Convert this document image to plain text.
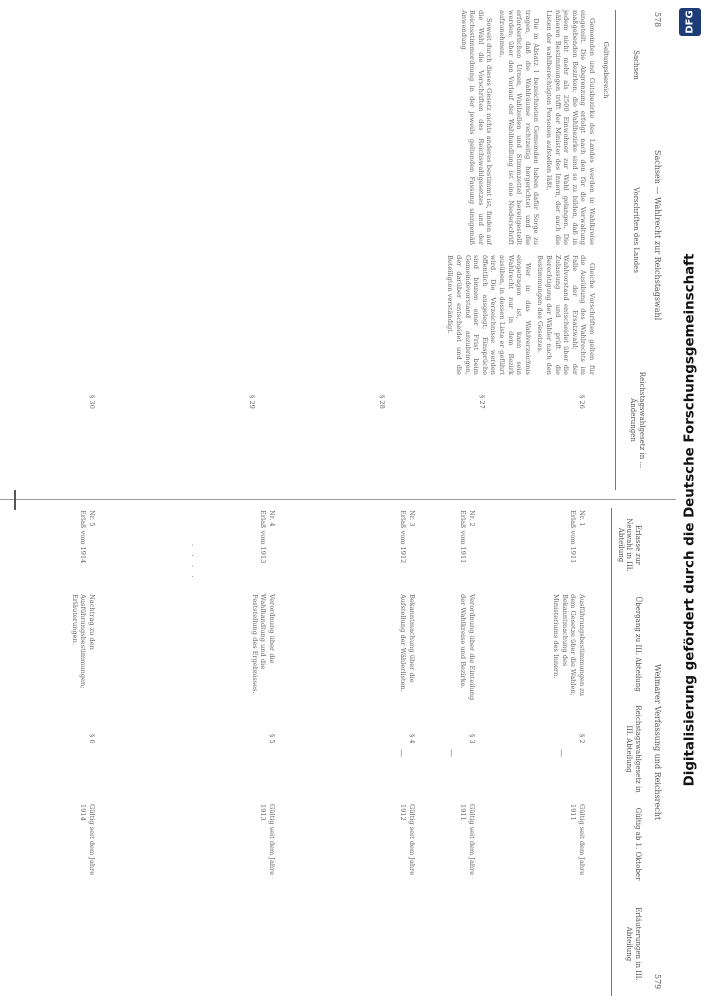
DFG
Digitalisierung gefördert durch die Deutsche Forschungsgemeinschaft
578
Sachsen — Wahlrecht zur Reichstagswahl
Sachsen
Vorschriften des Landes
Reichstagswahlgesetz in ... Änderungen
Geltungsbereich

Gemeinden und Gutsbezirke des Landes werden in Wahlkreise eingeteilt. Die Abgrenzung erfolgt nach den für die Verwaltung maßgebenden Bezirken; die Wahlbezirke sind so zu bilden, daß in jedem nicht mehr als 2500 Einwohner zur Wahl gelangen. Die näheren Bestimmungen trifft der Minister des Innern, der auch die Listen der wahlberechtigten Personen aufstellen läßt.

Die in Absatz 1 bezeichneten Gemeinden haben dafür Sorge zu tragen, daß die Wahlräume rechtzeitig hergerichtet und die erforderlichen Urnen, Wahlzellen und Stimmzettel bereitgestellt werden; über den Verlauf der Wahlhandlung ist eine Niederschrift aufzunehmen.

Soweit durch dieses Gesetz nichts anderes bestimmt ist, finden auf die Wahl die Vorschriften des Reichswahlgesetzes und der Reichsstimmordnung in der jeweils geltenden Fassung sinngemäß Anwendung.

Gleiche Vorschriften gelten für die Ausübung des Wahlrechts im Falle der Ersatzwahl; der Wahlvorstand entscheidet über die Zulassung und prüft die Berechtigung der Wähler nach den Bestimmungen des Gesetzes.

Wer in das Wahlverzeichnis eingetragen ist, kann sein Wahlrecht nur in dem Bezirk ausüben, in dessen Liste er geführt wird. Die Verzeichnisse werden öffentlich ausgelegt; Einsprüche sind binnen einer Frist beim Gemeindevorstand anzubringen, der darüber entscheidet und die Beteiligten verständigt.

§ 26
§ 27
§ 28
§ 29
§ 30
Weimarer Verfassung und Reichsrecht
579
Erlasse zur Neuwahl in III. Abteilung
Übergang zu III. Abteilung
Reichstagswahlgesetz in III. Abteilung
Gültig ab 1. Oktober
Erläuterungen in III. Abteilung
Nr. 1
Erlaß vom 1911
Ausführungsbestimmungen zu dem Gesetze über die Wahlen; Bekanntmachung des Ministeriums des Innern.
§ 2
Gültig seit dem Jahre 1911
Nr. 2
Erlaß vom 1911
Verordnung über die Einteilung der Wahlkreise und Bezirke.
§ 3
Gültig seit dem Jahre 1911
Nr. 3
Erlaß vom 1912
Bekanntmachung über die Aufstellung der Wählerlisten.
§ 4
Gültig seit dem Jahre 1912
Nr. 4
Erlaß vom 1913
Verordnung über die Wahlhandlung und die Feststellung des Ergebnisses.
§ 5
Gültig seit dem Jahre 1913
· · · ·
Nr. 5
Erlaß vom 1914
Nachtrag zu den Ausführungsbestimmungen; Erläuterungen.
§ 6
Gültig seit dem Jahre 1914
—
—
—
